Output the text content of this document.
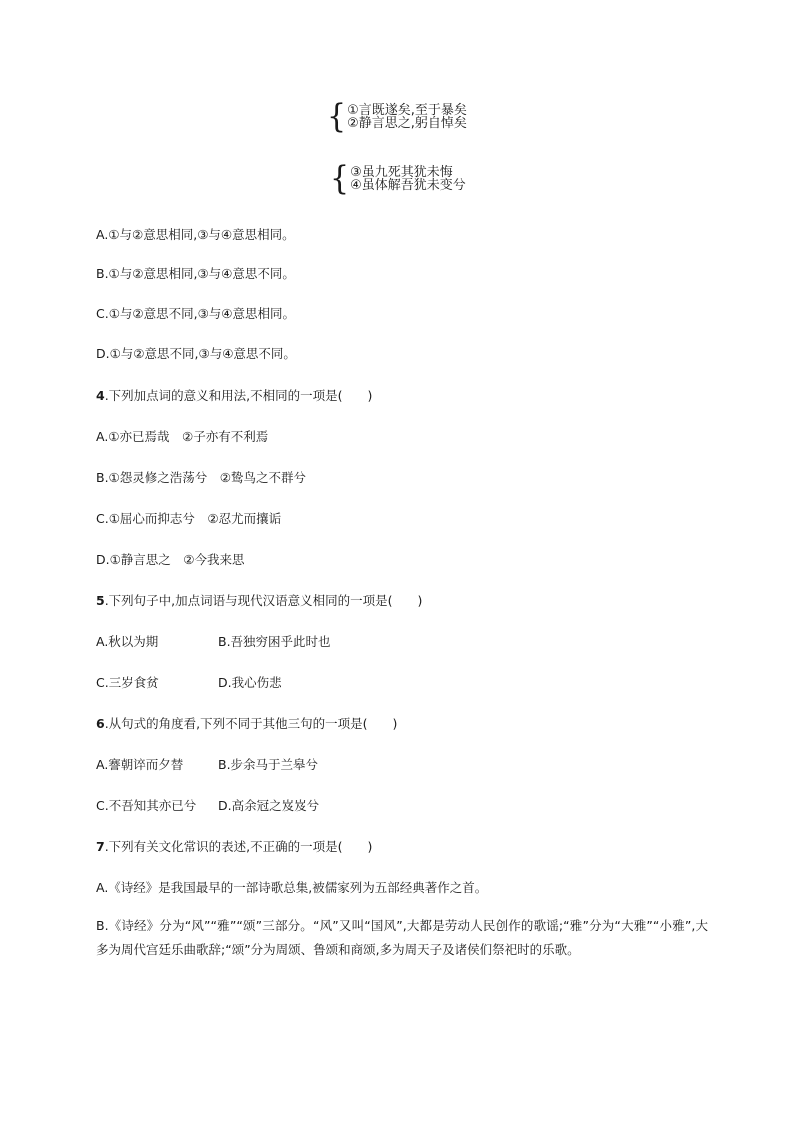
{ ①言既遂矣,至于暴矣
②静言思之,躬自悼矣
{ ③虽九死其犹未悔
④虽体解吾犹未变兮
A.①与②意思相同,③与④意思相同。
B.①与②意思相同,③与④意思不同。
C.①与②意思不同,③与④意思相同。
D.①与②意思不同,③与④意思不同。
4.下列加点词的意义和用法,不相同的一项是(　　)
A.①亦已焉哉　②子亦有不利焉
B.①怨灵修之浩荡兮　②鸷鸟之不群兮
C.①屈心而抑志兮　②忍尤而攘诟
D.①静言思之　②今我来思
5.下列句子中,加点词语与现代汉语意义相同的一项是(　　)
A.秋以为期	B.吾独穷困乎此时也
C.三岁食贫	D.我心伤悲
6.从句式的角度看,下列不同于其他三句的一项是(　　)
A.謇朝谇而夕替	B.步余马于兰皋兮
C.不吾知其亦已兮 D.高余冠之岌岌兮
7.下列有关文化常识的表述,不正确的一项是(　　)
A.《诗经》是我国最早的一部诗歌总集,被儒家列为五部经典著作之首。
B.《诗经》分为“风”“雅”“颂”三部分。“风”又叫“国风”,大都是劳动人民创作的歌谣;“雅”分为“大雅”“小雅”,大多为周代宫廷乐曲歌辞;“颂”分为周颂、鲁颂和商颂,多为周天子及诸侯们祭祀时的乐歌。
